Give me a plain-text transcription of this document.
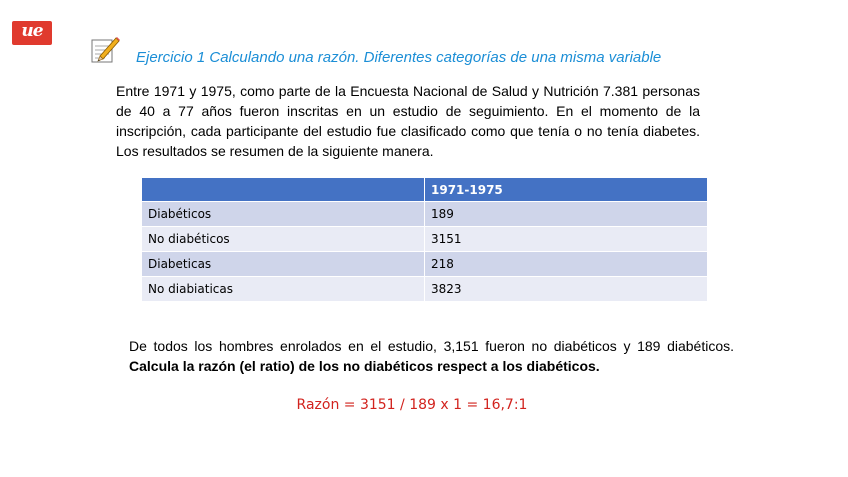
ue
Ejercicio 1 Calculando una razón. Diferentes categorías de una misma variable
Entre 1971 y 1975, como parte de la Encuesta Nacional de Salud y Nutrición 7.381 personas de 40 a 77 años fueron inscritas en un estudio de seguimiento. En el momento de la inscripción, cada participante del estudio fue clasificado como que tenía o no tenía diabetes. Los resultados se resumen de la siguiente manera.
	1971-1975
Diabéticos	189
No diabéticos	3151
Diabeticas	218
No diabiaticas	3823
De todos los hombres enrolados en el estudio, 3,151 fueron no diabéticos y 189 diabéticos. Calcula la razón (el ratio) de los no diabéticos respect a los diabéticos.
Razón = 3151 / 189 x 1 = 16,7:1
